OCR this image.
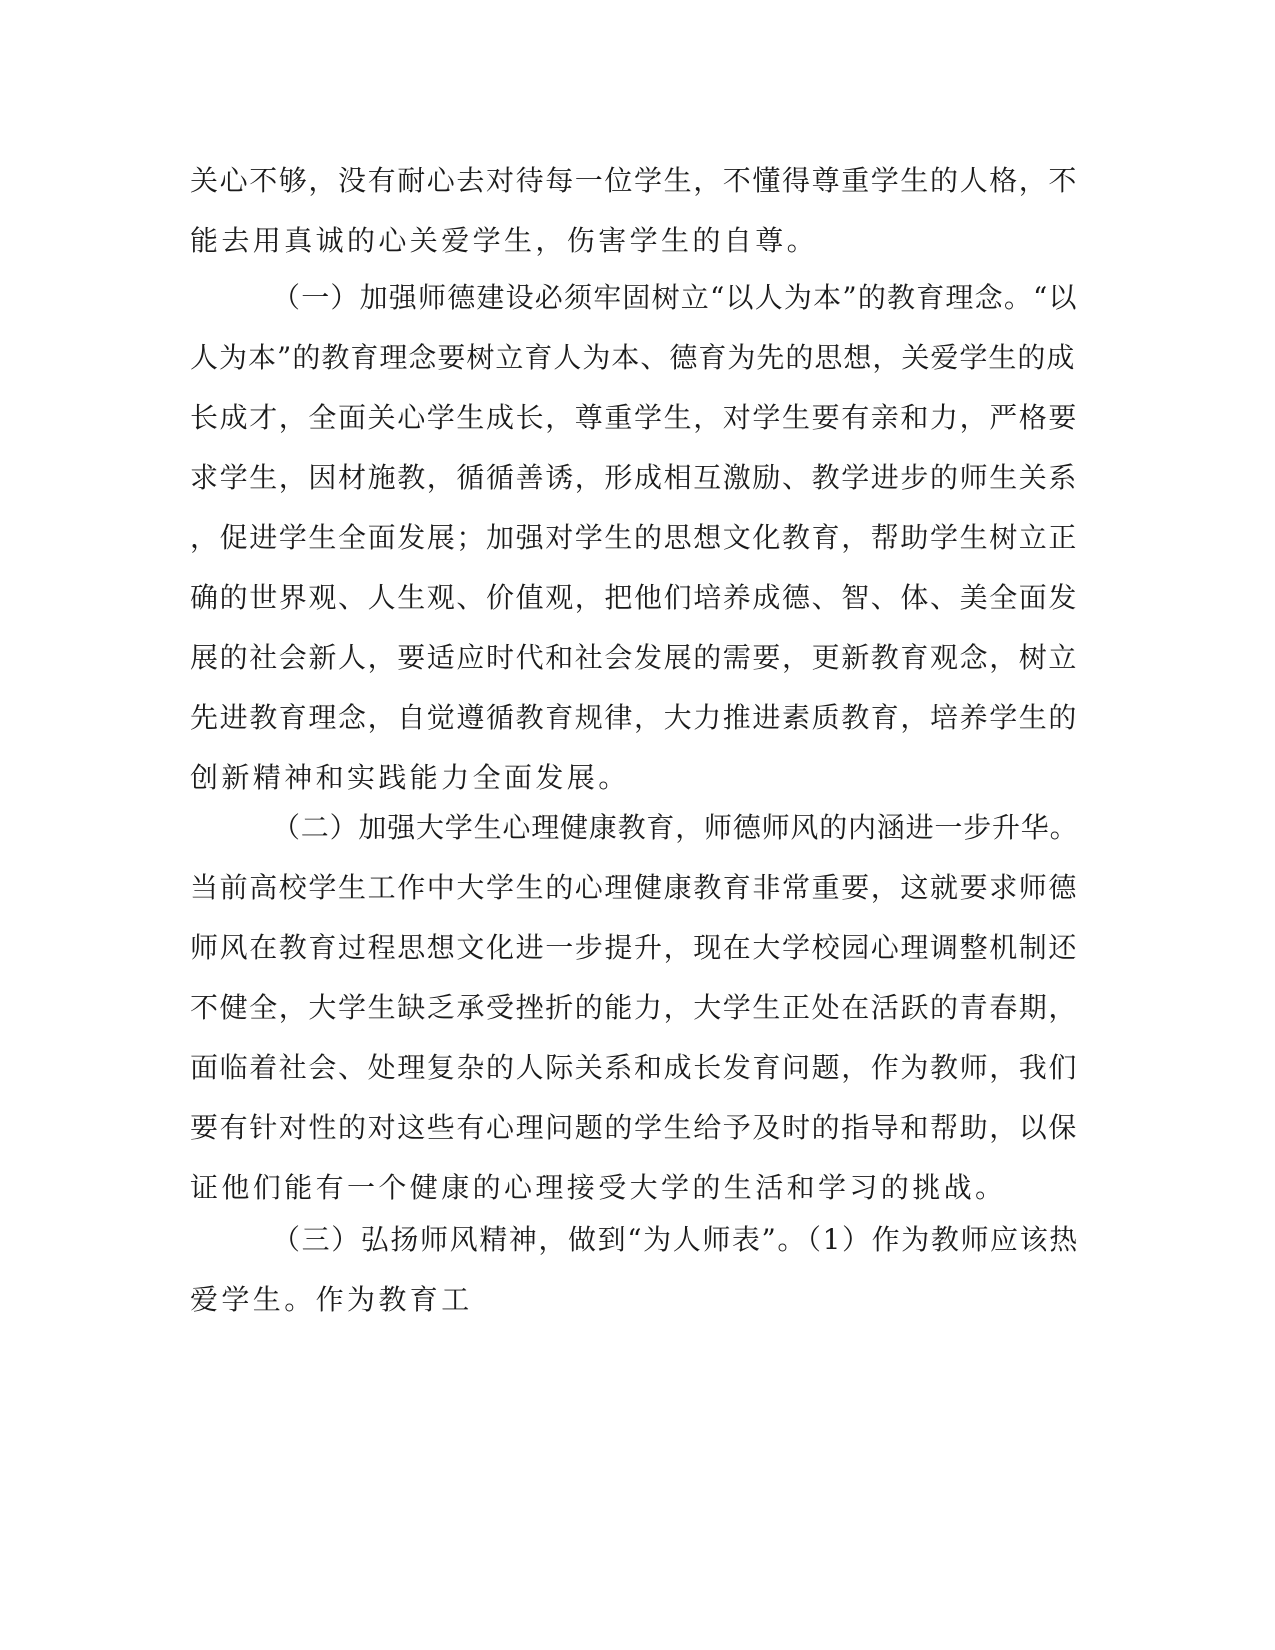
关心不够，没有耐心去对待每一位学生，不懂得尊重学生的人格，不
能去用真诚的心关爱学生，伤害学生的自尊。
（一）加强师德建设必须牢固树立“以人为本”的教育理念。“以
人为本”的教育理念要树立育人为本、德育为先的思想，关爱学生的成
长成才，全面关心学生成长，尊重学生，对学生要有亲和力，严格要
求学生，因材施教，循循善诱，形成相互激励、教学进步的师生关系
，促进学生全面发展；加强对学生的思想文化教育，帮助学生树立正
确的世界观、人生观、价值观，把他们培养成德、智、体、美全面发
展的社会新人，要适应时代和社会发展的需要，更新教育观念，树立
先进教育理念，自觉遵循教育规律，大力推进素质教育，培养学生的
创新精神和实践能力全面发展。
（二）加强大学生心理健康教育，师德师风的内涵进一步升华。
当前高校学生工作中大学生的心理健康教育非常重要，这就要求师德
师风在教育过程思想文化进一步提升，现在大学校园心理调整机制还
不健全，大学生缺乏承受挫折的能力，大学生正处在活跃的青春期，
面临着社会、处理复杂的人际关系和成长发育问题，作为教师，我们
要有针对性的对这些有心理问题的学生给予及时的指导和帮助，以保
证他们能有一个健康的心理接受大学的生活和学习的挑战。
（三）弘扬师风精神，做到“为人师表”。（1）作为教师应该热
爱学生。作为教育工
